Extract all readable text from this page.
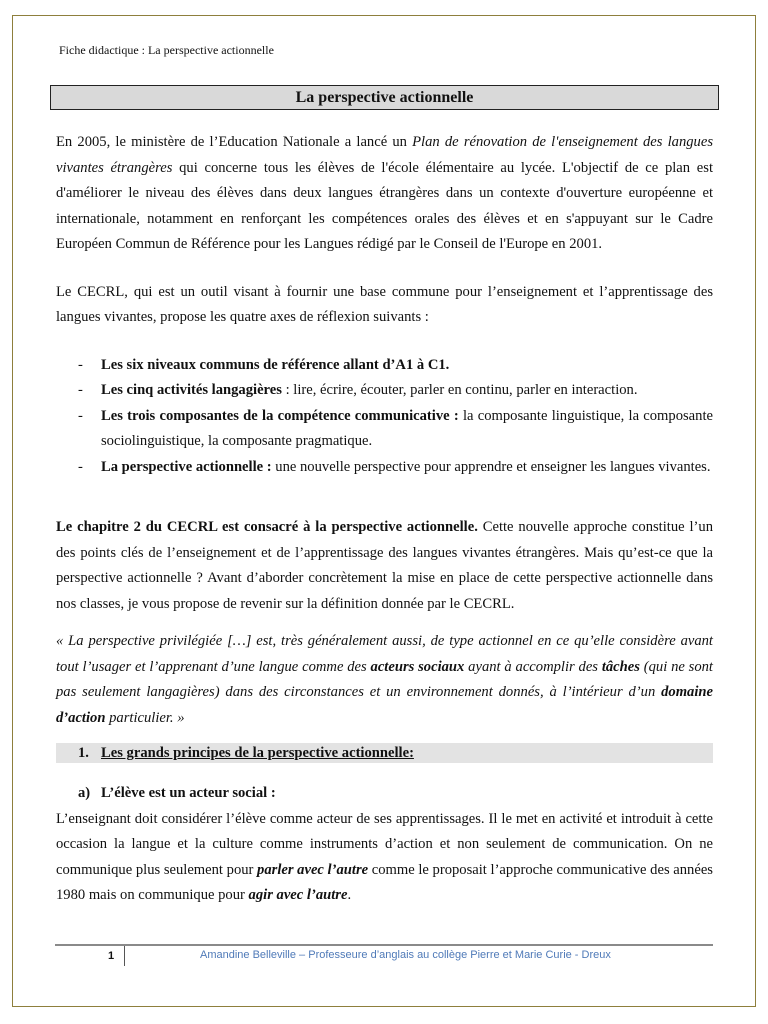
Fiche didactique : La perspective actionnelle
La perspective actionnelle

En 2005, le ministère de l’Education Nationale a lancé un Plan de rénovation de l'enseignement des langues vivantes étrangères qui concerne tous les élèves de l'école élémentaire au lycée. L'objectif de ce plan est d'améliorer le niveau des élèves dans deux langues étrangères dans un contexte d'ouverture européenne et internationale, notamment en renforçant les compétences orales des élèves et en s'appuyant sur le Cadre Européen Commun de Référence pour les Langues rédigé par le Conseil de l'Europe en 2001.

Le CECRL, qui est un outil visant à fournir une base commune pour l’enseignement et l’apprentissage des langues vivantes, propose les quatre axes de réflexion suivants :

- Les six niveaux communs de référence allant d’A1 à C1.
- Les cinq activités langagières : lire, écrire, écouter, parler en continu, parler en interaction.
- Les trois composantes de la compétence communicative : la composante linguistique, la composante sociolinguistique, la composante pragmatique.
- La perspective actionnelle : une nouvelle perspective pour apprendre et enseigner les langues vivantes.

Le chapitre 2 du CECRL est consacré à la perspective actionnelle. Cette nouvelle approche constitue l’un des points clés de l’enseignement et de l’apprentissage des langues vivantes étrangères. Mais qu’est-ce que la perspective actionnelle ? Avant d’aborder concrètement la mise en place de cette perspective actionnelle dans nos classes, je vous propose de revenir sur la définition donnée par le CECRL.

« La perspective privilégiée […] est, très généralement aussi, de type actionnel en ce qu’elle considère avant tout l’usager et l’apprenant d’une langue comme des acteurs sociaux ayant à accomplir des tâches (qui ne sont pas seulement langagières) dans des circonstances et un environnement donnés, à l’intérieur d’un domaine d’action particulier. »

1. Les grands principes de la perspective actionnelle:
a) L’élève est un acteur social :

L’enseignant doit considérer l’élève comme acteur de ses apprentissages. Il le met en activité et introduit à cette occasion la langue et la culture comme instruments d’action et non seulement de communication. On ne communique plus seulement pour parler avec l’autre comme le proposait l’approche communicative des années 1980 mais on communique pour agir avec l’autre.

1	Amandine Belleville – Professeure d’anglais au collège Pierre et Marie Curie - Dreux
